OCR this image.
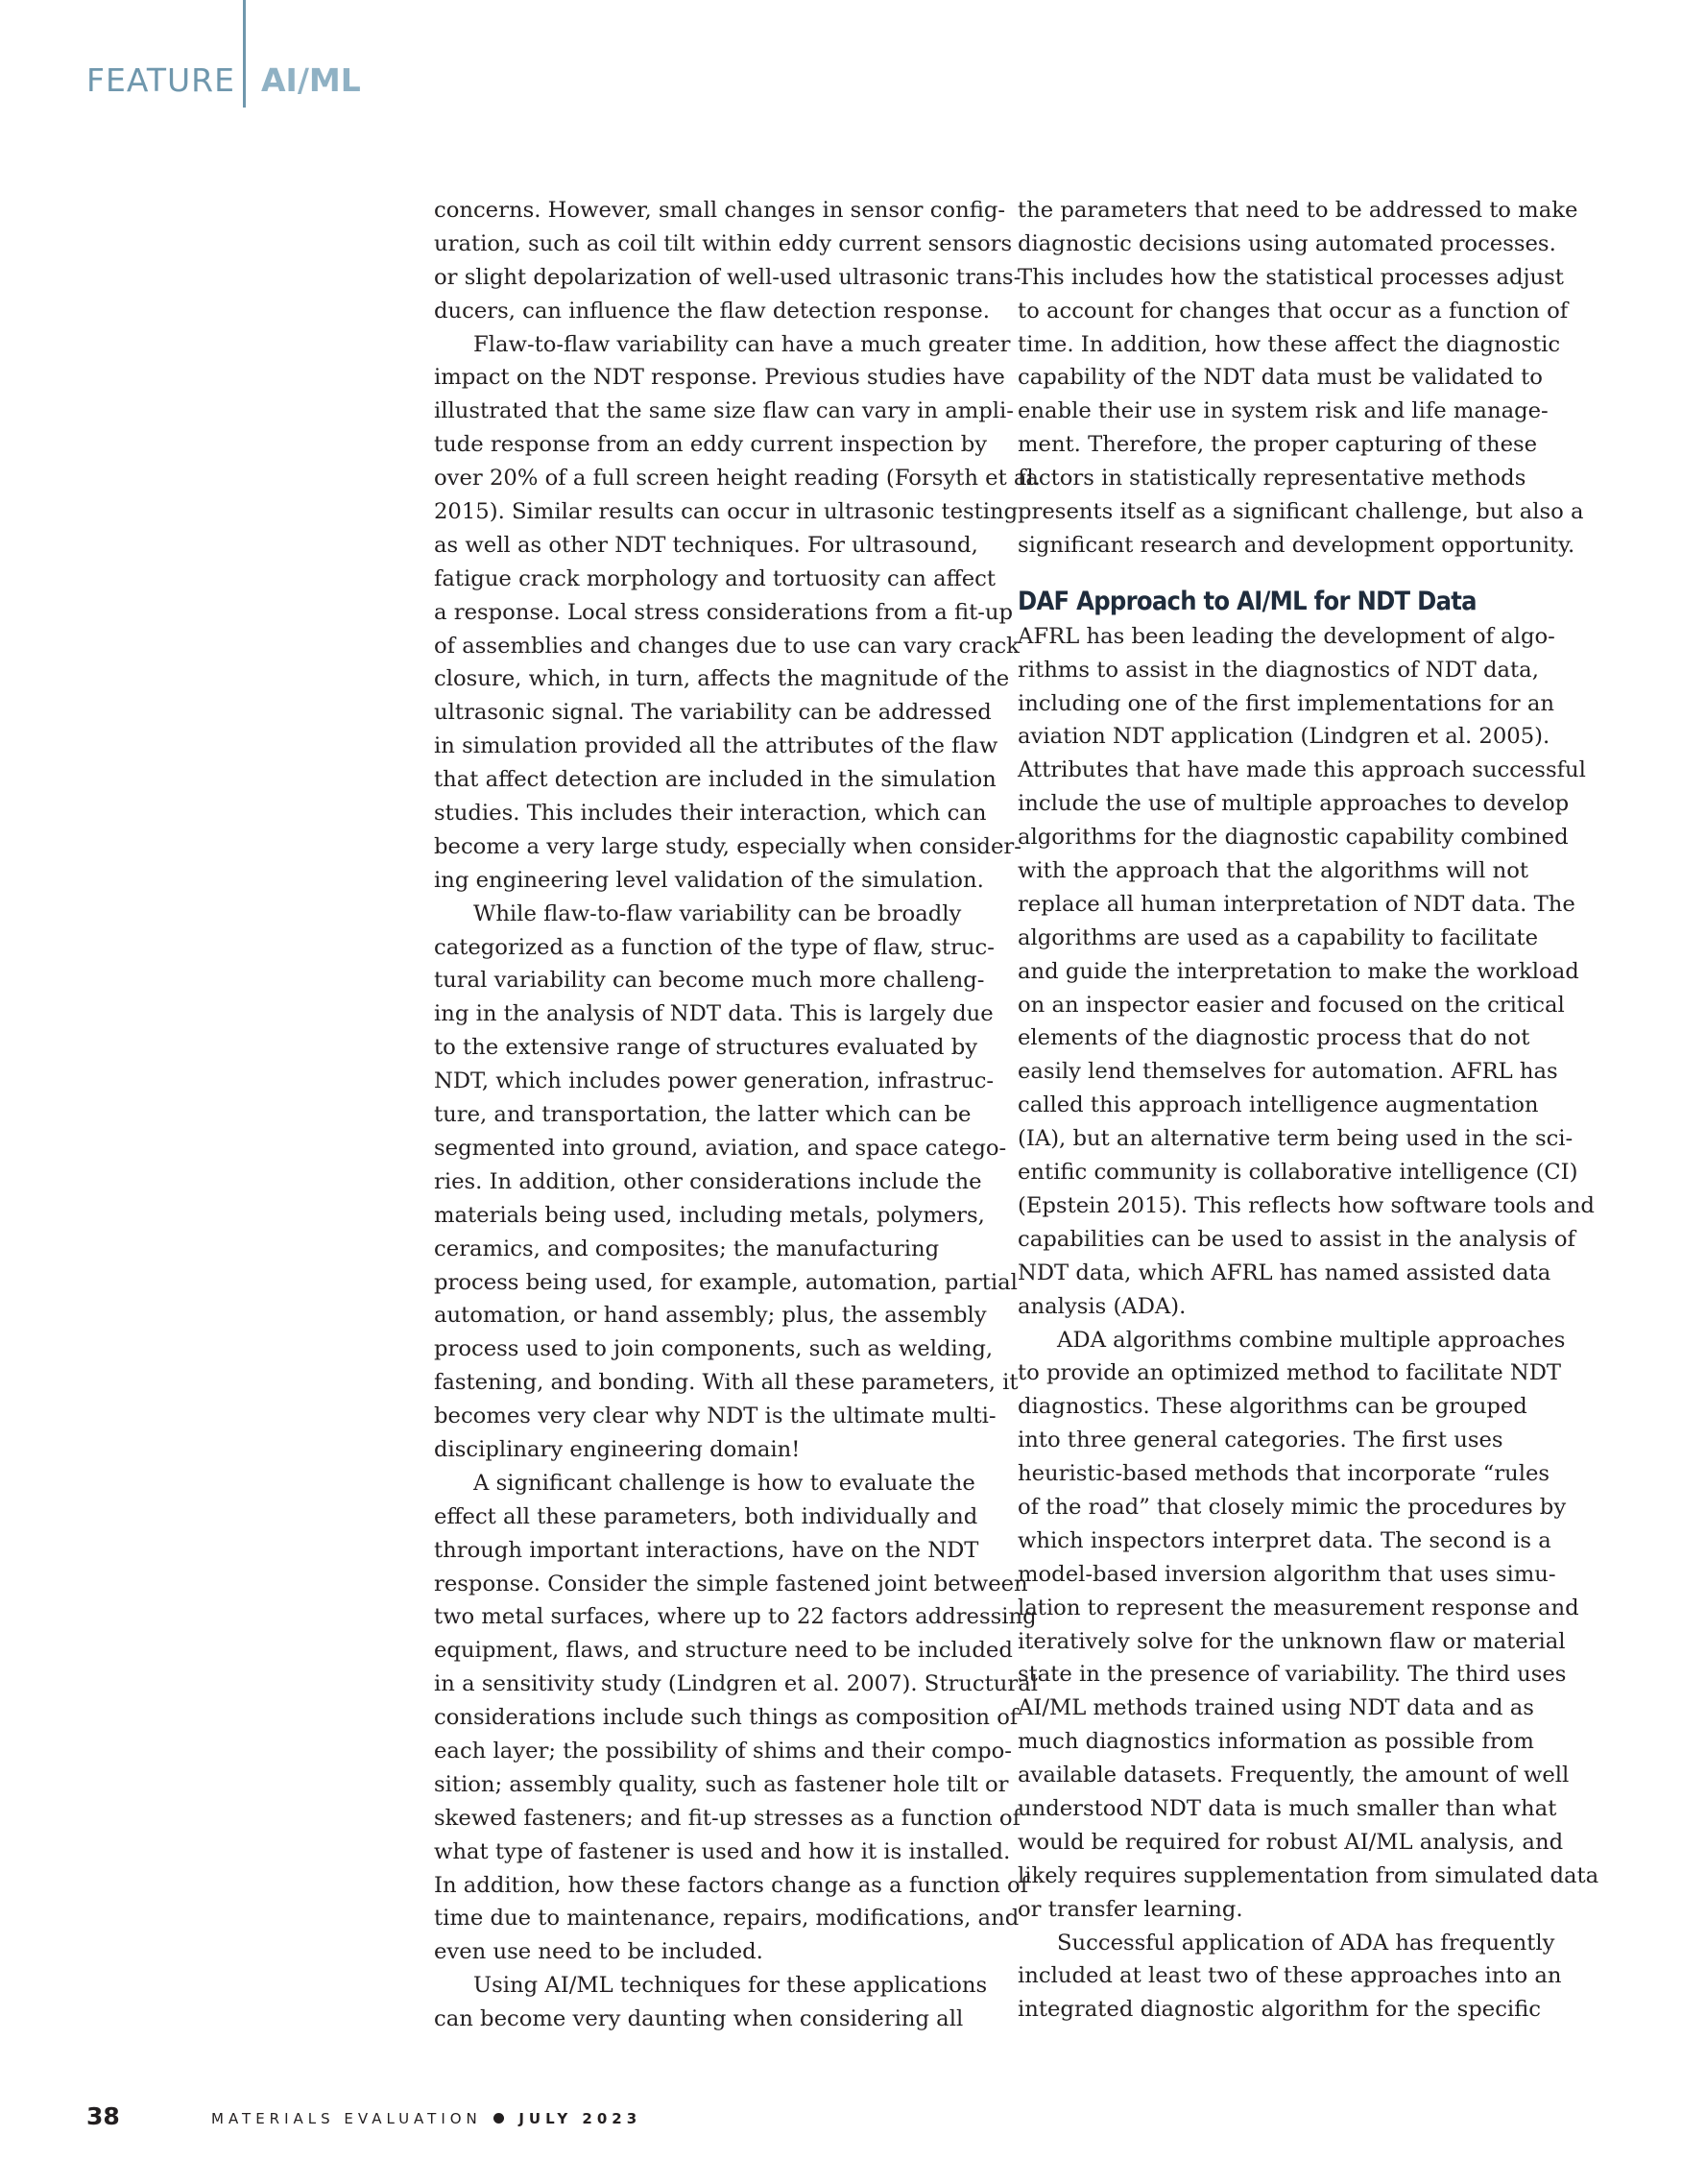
FEATURE AI/ML
concerns. However, small changes in sensor config-
uration, such as coil tilt within eddy current sensors
or slight depolarization of well-used ultrasonic trans-
ducers, can influence the flaw detection response.
Flaw-to-flaw variability can have a much greater
impact on the NDT response. Previous studies have
illustrated that the same size flaw can vary in ampli-
tude response from an eddy current inspection by
over 20% of a full screen height reading (Forsyth et al.
2015). Similar results can occur in ultrasonic testing
as well as other NDT techniques. For ultrasound,
fatigue crack morphology and tortuosity can affect
a response. Local stress considerations from a fit-up
of assemblies and changes due to use can vary crack
closure, which, in turn, affects the magnitude of the
ultrasonic signal. The variability can be addressed
in simulation provided all the attributes of the flaw
that affect detection are included in the simulation
studies. This includes their interaction, which can
become a very large study, especially when consider-
ing engineering level validation of the simulation.
While flaw-to-flaw variability can be broadly
categorized as a function of the type of flaw, struc-
tural variability can become much more challeng-
ing in the analysis of NDT data. This is largely due
to the extensive range of structures evaluated by
NDT, which includes power generation, infrastruc-
ture, and transportation, the latter which can be
segmented into ground, aviation, and space catego-
ries. In addition, other considerations include the
materials being used, including metals, polymers,
ceramics, and composites; the manufacturing
process being used, for example, automation, partial
automation, or hand assembly; plus, the assembly
process used to join components, such as welding,
fastening, and bonding. With all these parameters, it
becomes very clear why NDT is the ultimate multi-
disciplinary engineering domain!
A significant challenge is how to evaluate the
effect all these parameters, both individually and
through important interactions, have on the NDT
response. Consider the simple fastened joint between
two metal surfaces, where up to 22 factors addressing
equipment, flaws, and structure need to be included
in a sensitivity study (Lindgren et al. 2007). Structural
considerations include such things as composition of
each layer; the possibility of shims and their compo-
sition; assembly quality, such as fastener hole tilt or
skewed fasteners; and fit-up stresses as a function of
what type of fastener is used and how it is installed.
In addition, how these factors change as a function of
time due to maintenance, repairs, modifications, and
even use need to be included.
Using AI/ML techniques for these applications
can become very daunting when considering all
the parameters that need to be addressed to make
diagnostic decisions using automated processes.
This includes how the statistical processes adjust
to account for changes that occur as a function of
time. In addition, how these affect the diagnostic
capability of the NDT data must be validated to
enable their use in system risk and life manage-
ment. Therefore, the proper capturing of these
factors in statistically representative methods
presents itself as a significant challenge, but also a
significant research and development opportunity.
DAF Approach to AI/ML for NDT Data
AFRL has been leading the development of algo-
rithms to assist in the diagnostics of NDT data,
including one of the first implementations for an
aviation NDT application (Lindgren et al. 2005).
Attributes that have made this approach successful
include the use of multiple approaches to develop
algorithms for the diagnostic capability combined
with the approach that the algorithms will not
replace all human interpretation of NDT data. The
algorithms are used as a capability to facilitate
and guide the interpretation to make the workload
on an inspector easier and focused on the critical
elements of the diagnostic process that do not
easily lend themselves for automation. AFRL has
called this approach intelligence augmentation
(IA), but an alternative term being used in the sci-
entific community is collaborative intelligence (CI)
(Epstein 2015). This reflects how software tools and
capabilities can be used to assist in the analysis of
NDT data, which AFRL has named assisted data
analysis (ADA).
ADA algorithms combine multiple approaches
to provide an optimized method to facilitate NDT
diagnostics. These algorithms can be grouped
into three general categories. The first uses
heuristic-based methods that incorporate “rules
of the road” that closely mimic the procedures by
which inspectors interpret data. The second is a
model-based inversion algorithm that uses simu-
lation to represent the measurement response and
iteratively solve for the unknown flaw or material
state in the presence of variability. The third uses
AI/ML methods trained using NDT data and as
much diagnostics information as possible from
available datasets. Frequently, the amount of well
understood NDT data is much smaller than what
would be required for robust AI/ML analysis, and
likely requires supplementation from simulated data
or transfer learning.
Successful application of ADA has frequently
included at least two of these approaches into an
integrated diagnostic algorithm for the specific
38	MATERIALS EVALUATION	JULY 2023
